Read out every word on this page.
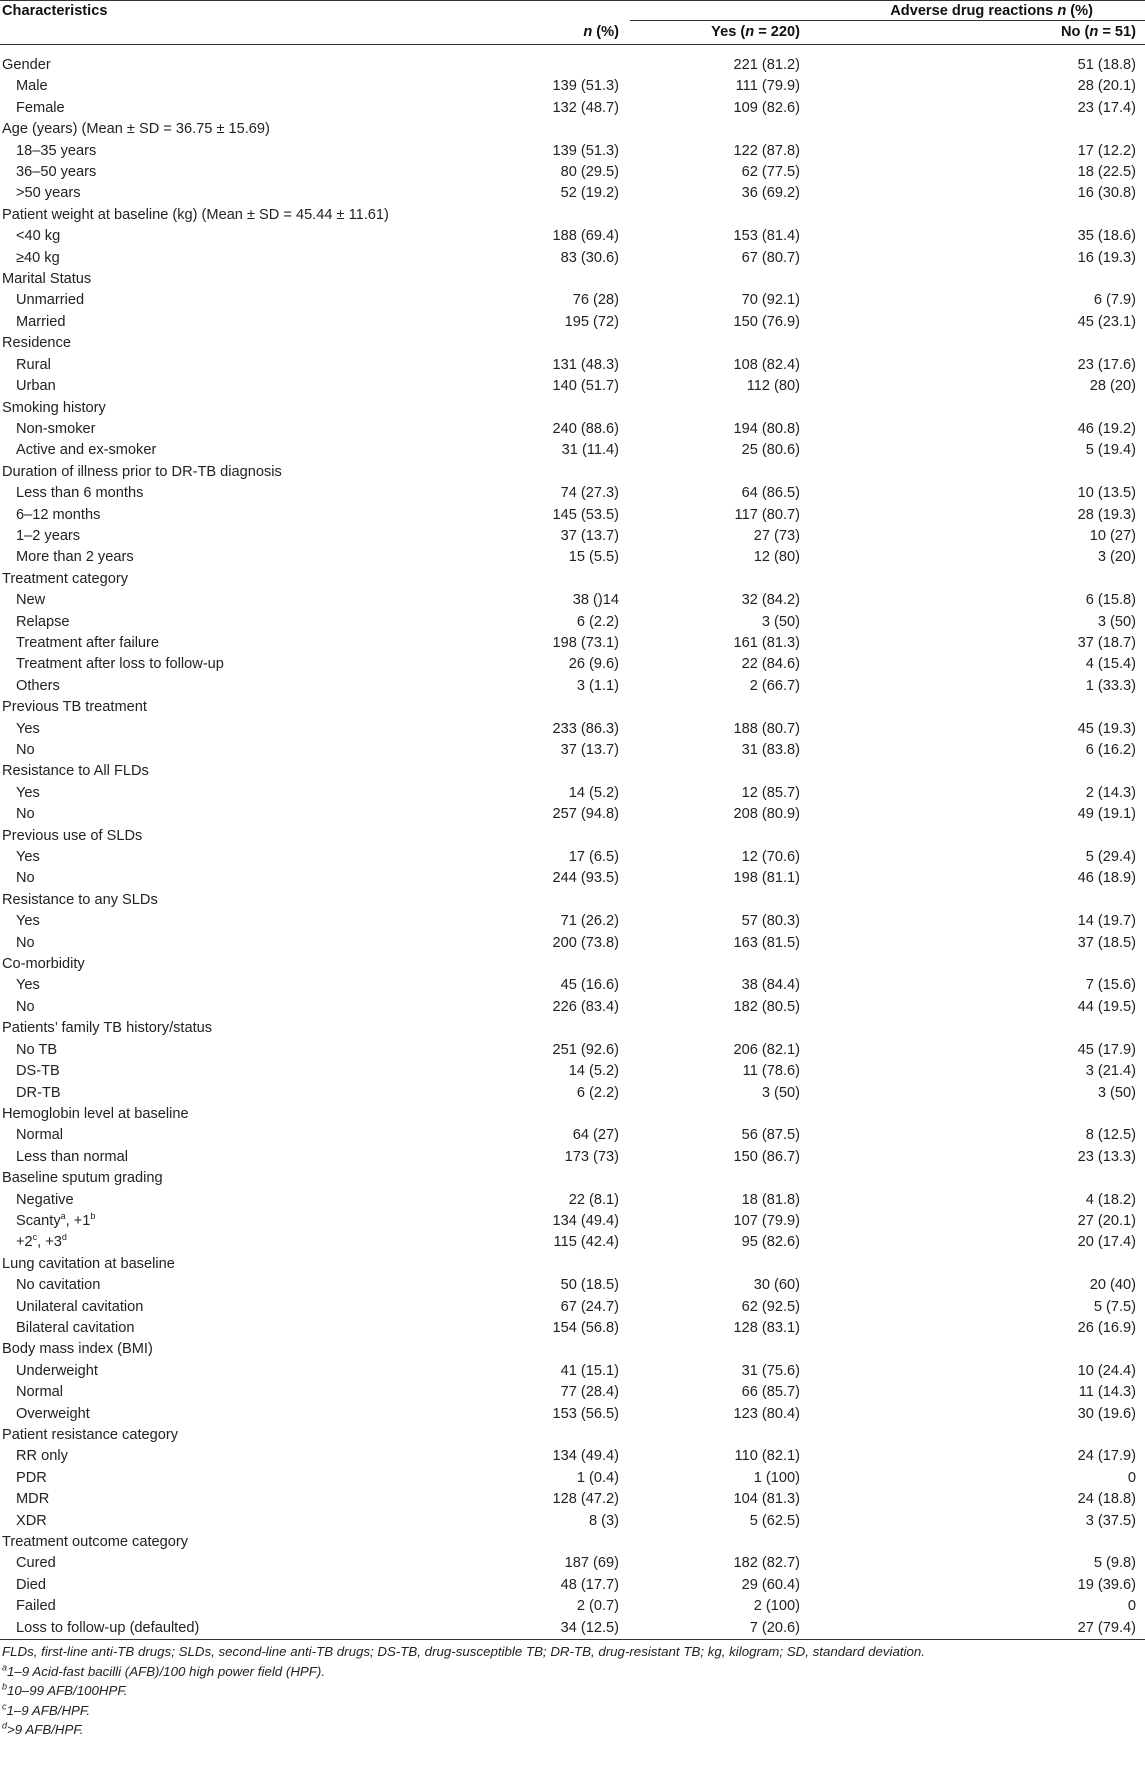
Characteristics		Adverse drug reactions n (%)	

	n (%)	Yes (n = 220)	No (n = 51)

Gender		221 (81.2)	51 (18.8)
Male	139 (51.3)	111 (79.9)	28 (20.1)
Female	132 (48.7)	109 (82.6)	23 (17.4)
Age (years) (Mean ± SD = 36.75 ± 15.69)			
18–35 years	139 (51.3)	122 (87.8)	17 (12.2)
36–50 years	80 (29.5)	62 (77.5)	18 (22.5)
>50 years	52 (19.2)	36 (69.2)	16 (30.8)
Patient weight at baseline (kg) (Mean ± SD = 45.44 ± 11.61)			
<40 kg	188 (69.4)	153 (81.4)	35 (18.6)
≥40 kg	83 (30.6)	67 (80.7)	16 (19.3)
Marital Status			
Unmarried	76 (28)	70 (92.1)	6 (7.9)
Married	195 (72)	150 (76.9)	45 (23.1)
Residence			
Rural	131 (48.3)	108 (82.4)	23 (17.6)
Urban	140 (51.7)	112 (80)	28 (20)
Smoking history			
Non-smoker	240 (88.6)	194 (80.8)	46 (19.2)
Active and ex-smoker	31 (11.4)	25 (80.6)	5 (19.4)
Duration of illness prior to DR-TB diagnosis			
Less than 6 months	74 (27.3)	64 (86.5)	10 (13.5)
6–12 months	145 (53.5)	117 (80.7)	28 (19.3)
1–2 years	37 (13.7)	27 (73)	10 (27)
More than 2 years	15 (5.5)	12 (80)	3 (20)
Treatment category			
New	38 ()14	32 (84.2)	6 (15.8)
Relapse	6 (2.2)	3 (50)	3 (50)
Treatment after failure	198 (73.1)	161 (81.3)	37 (18.7)
Treatment after loss to follow-up	26 (9.6)	22 (84.6)	4 (15.4)
Others	3 (1.1)	2 (66.7)	1 (33.3)
Previous TB treatment			
Yes	233 (86.3)	188 (80.7)	45 (19.3)
No	37 (13.7)	31 (83.8)	6 (16.2)
Resistance to All FLDs			
Yes	14 (5.2)	12 (85.7)	2 (14.3)
No	257 (94.8)	208 (80.9)	49 (19.1)
Previous use of SLDs			
Yes	17 (6.5)	12 (70.6)	5 (29.4)
No	244 (93.5)	198 (81.1)	46 (18.9)
Resistance to any SLDs			
Yes	71 (26.2)	57 (80.3)	14 (19.7)
No	200 (73.8)	163 (81.5)	37 (18.5)
Co-morbidity			
Yes	45 (16.6)	38 (84.4)	7 (15.6)
No	226 (83.4)	182 (80.5)	44 (19.5)
Patients’ family TB history/status			
No TB	251 (92.6)	206 (82.1)	45 (17.9)
DS-TB	14 (5.2)	11 (78.6)	3 (21.4)
DR-TB	6 (2.2)	3 (50)	3 (50)
Hemoglobin level at baseline			
Normal	64 (27)	56 (87.5)	8 (12.5)
Less than normal	173 (73)	150 (86.7)	23 (13.3)
Baseline sputum grading			
Negative	22 (8.1)	18 (81.8)	4 (18.2)
Scanty$^a$, $+1^b$	134 (49.4)	107 (79.9)	27 (20.1)
$+2^c$, $+3^d$	115 (42.4)	95 (82.6)	20 (17.4)
Lung cavitation at baseline			
No cavitation	50 (18.5)	30 (60)	20 (40)
Unilateral cavitation	67 (24.7)	62 (92.5)	5 (7.5)
Bilateral cavitation	154 (56.8)	128 (83.1)	26 (16.9)
Body mass index (BMI)			
Underweight	41 (15.1)	31 (75.6)	10 (24.4)
Normal	77 (28.4)	66 (85.7)	11 (14.3)
Overweight	153 (56.5)	123 (80.4)	30 (19.6)
Patient resistance category			
RR only	134 (49.4)	110 (82.1)	24 (17.9)
PDR	1 (0.4)	1 (100)	0
MDR	128 (47.2)	104 (81.3)	24 (18.8)
XDR	8 (3)	5 (62.5)	3 (37.5)
Treatment outcome category			
Cured	187 (69)	182 (82.7)	5 (9.8)
Died	48 (17.7)	29 (60.4)	19 (39.6)
Failed	2 (0.7)	2 (100)	0
Loss to follow-up (defaulted)	34 (12.5)	7 (20.6)	27 (79.4)
FLDs, first-line anti-TB drugs; SLDs, second-line anti-TB drugs; DS-TB, drug-susceptible TB; DR-TB, drug-resistant TB; kg, kilogram; SD, standard deviation.
$^a$1–9 Acid-fast bacilli (AFB)/100 high power field (HPF).
$^b$10–99 AFB/100HPF.
$^c$1–9 AFB/HPF.
$^d$>9 AFB/HPF.
